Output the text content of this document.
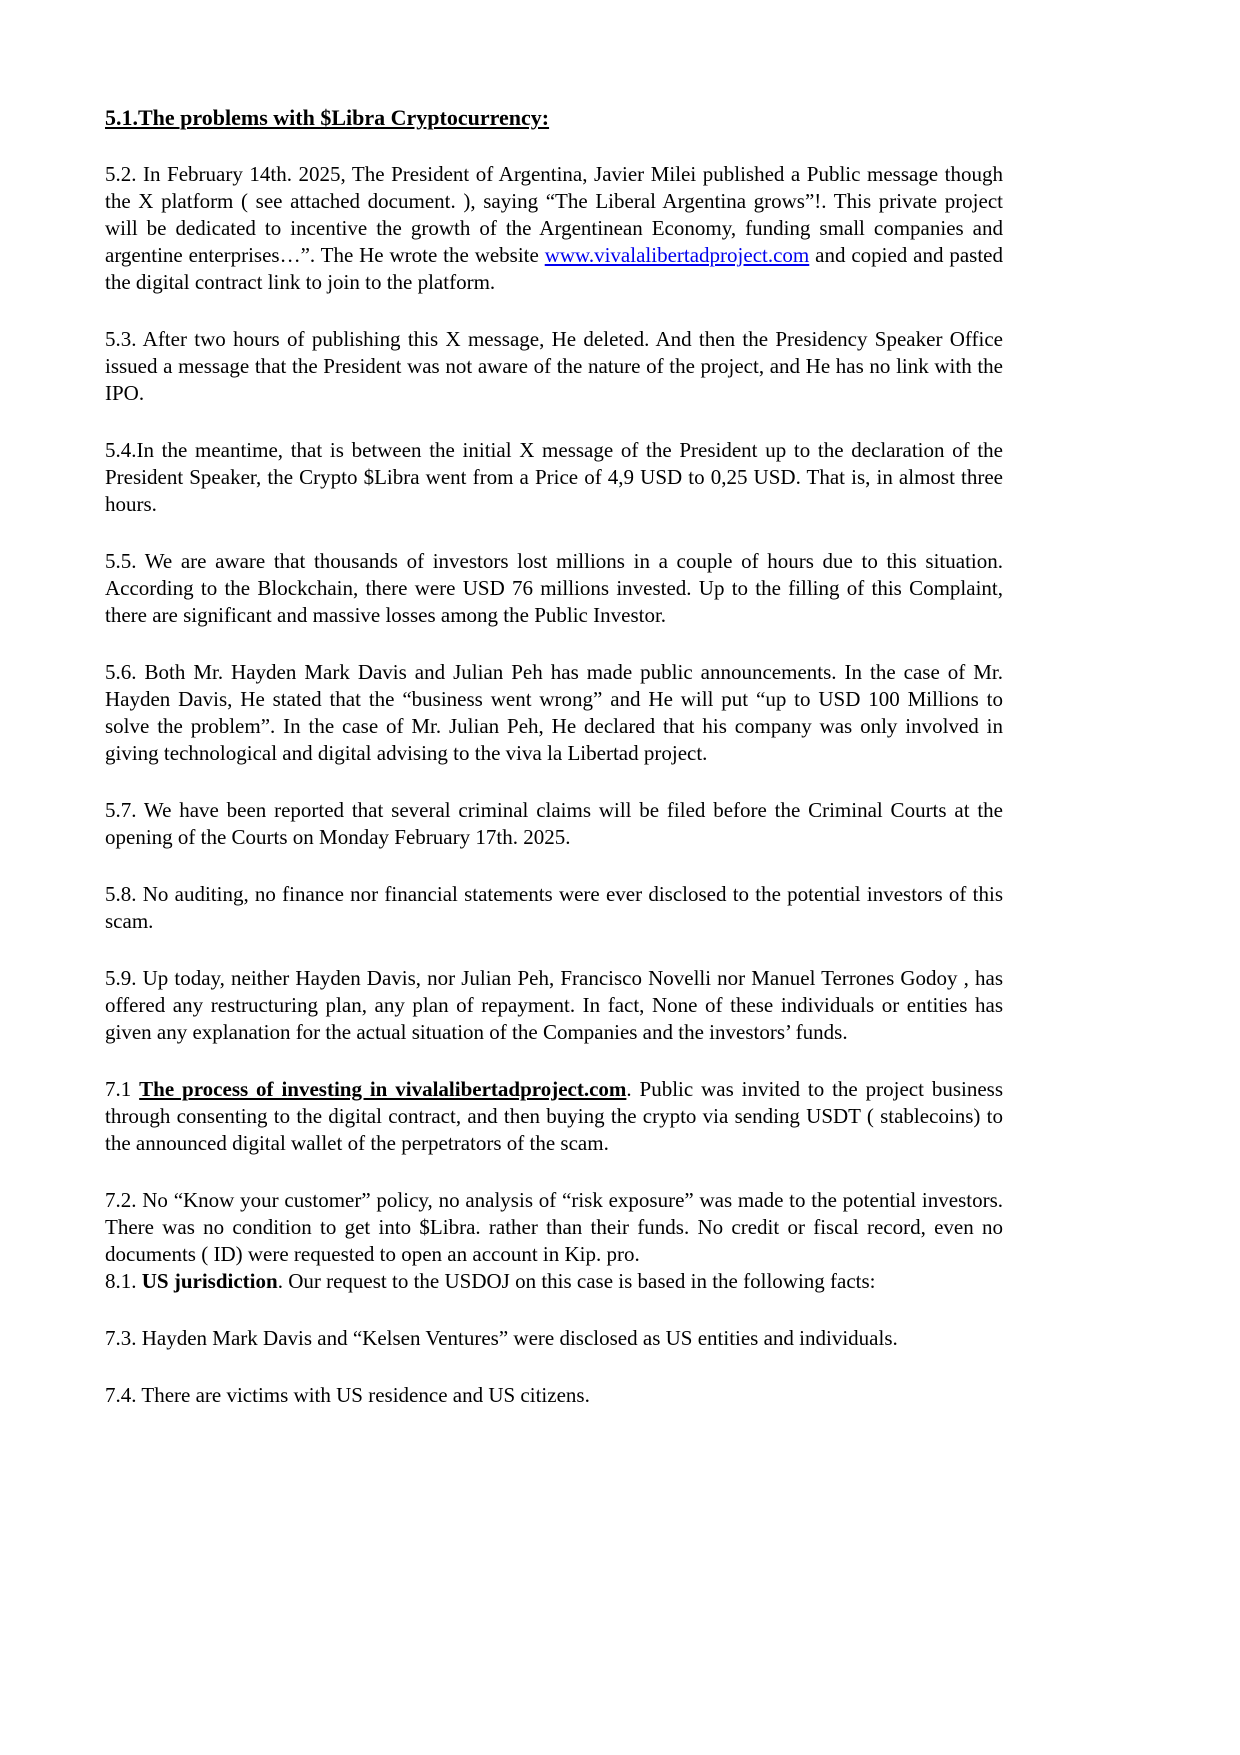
5.1.The problems with $Libra Cryptocurrency:

5.2. In February 14th. 2025, The President of Argentina, Javier Milei published a Public message though the X platform ( see attached document. ), saying “The Liberal Argentina grows”!. This private project will be dedicated to incentive the growth of the Argentinean Economy, funding small companies and argentine enterprises…”. The He wrote the website www.vivalalibertadproject.com and copied and pasted the digital contract link to join to the platform.

5.3. After two hours of publishing this X message, He deleted. And then the Presidency Speaker Office issued a message that the President was not aware of the nature of the project, and He has no link with the IPO.

5.4.In the meantime, that is between the initial X message of the President up to the declaration of the President Speaker, the Crypto $Libra went from a Price of 4,9 USD to 0,25 USD. That is, in almost three hours.

5.5. We are aware that thousands of investors lost millions in a couple of hours due to this situation. According to the Blockchain, there were USD 76 millions invested. Up to the filling of this Complaint, there are significant and massive losses among the Public Investor.

5.6. Both Mr. Hayden Mark Davis and Julian Peh has made public announcements. In the case of Mr. Hayden Davis, He stated that the “business went wrong” and He will put “up to USD 100 Millions to solve the problem”. In the case of Mr. Julian Peh, He declared that his company was only involved in giving technological and digital advising to the viva la Libertad project.

5.7. We have been reported that several criminal claims will be filed before the Criminal Courts at the opening of the Courts on Monday February 17th. 2025.

5.8. No auditing, no finance nor financial statements were ever disclosed to the potential investors of this scam.

5.9. Up today, neither Hayden Davis, nor Julian Peh, Francisco Novelli nor Manuel Terrones Godoy , has offered any restructuring plan, any plan of repayment. In fact, None of these individuals or entities has given any explanation for the actual situation of the Companies and the investors’ funds.

7.1 The process of investing in vivalalibertadproject.com. Public was invited to the project business through consenting to the digital contract, and then buying the crypto via sending USDT ( stablecoins) to the announced digital wallet of the perpetrators of the scam.

7.2. No “Know your customer” policy, no analysis of “risk exposure” was made to the potential investors. There was no condition to get into $Libra. rather than their funds. No credit or fiscal record, even no documents ( ID) were requested to open an account in Kip. pro.

8.1. US jurisdiction. Our request to the USDOJ on this case is based in the following facts:

7.3. Hayden Mark Davis and “Kelsen Ventures” were disclosed as US entities and individuals.

7.4. There are victims with US residence and US citizens.
